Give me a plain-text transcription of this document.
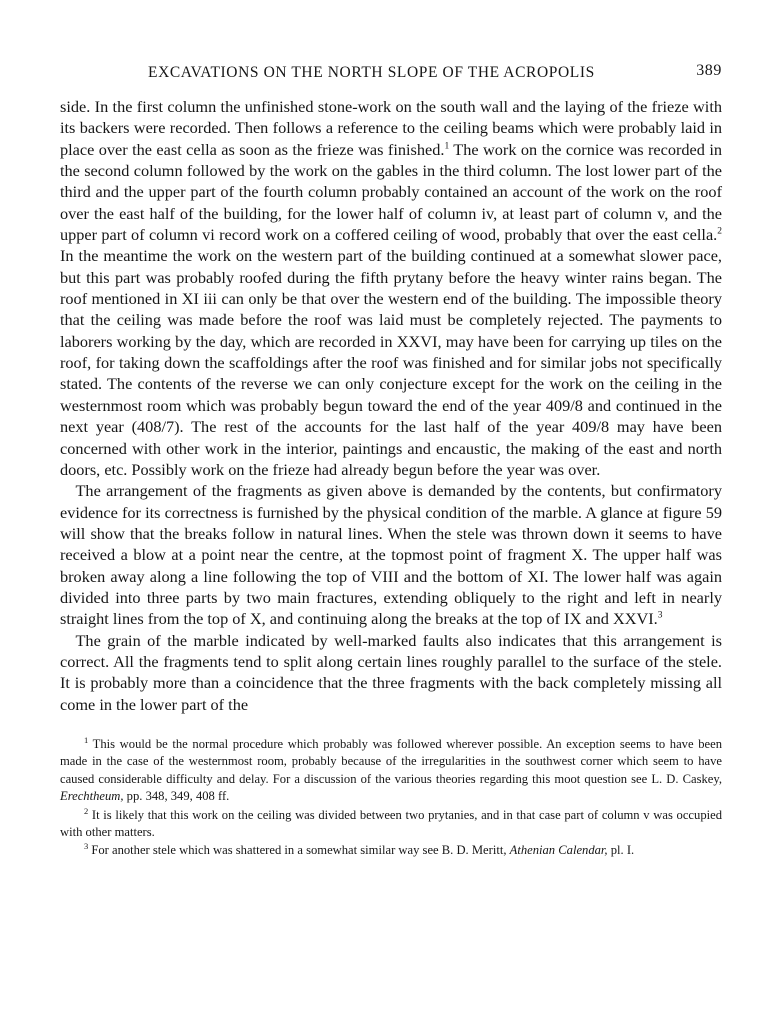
EXCAVATIONS ON THE NORTH SLOPE OF THE ACROPOLIS	389

side. In the first column the unfinished stone-work on the south wall and the laying of the frieze with its backers were recorded. Then follows a reference to the ceiling beams which were probably laid in place over the east cella as soon as the frieze was finished.$^1$ The work on the cornice was recorded in the second column followed by the work on the gables in the third column. The lost lower part of the third and the upper part of the fourth column probably contained an account of the work on the roof over the east half of the building, for the lower half of column iv, at least part of column v, and the upper part of column vi record work on a coffered ceiling of wood, probably that over the east cella.$^2$ In the meantime the work on the western part of the building continued at a somewhat slower pace, but this part was probably roofed during the fifth prytany before the heavy winter rains began. The roof mentioned in XI iii can only be that over the western end of the building. The impossible theory that the ceiling was made before the roof was laid must be completely rejected. The payments to laborers working by the day, which are recorded in XXVI, may have been for carrying up tiles on the roof, for taking down the scaffoldings after the roof was finished and for similar jobs not specifically stated. The contents of the reverse we can only conjecture except for the work on the ceiling in the westernmost room which was probably begun toward the end of the year 409/8 and continued in the next year (408/7). The rest of the accounts for the last half of the year 409/8 may have been concerned with other work in the interior, paintings and encaustic, the making of the east and north doors, etc. Possibly work on the frieze had already begun before the year was over.

The arrangement of the fragments as given above is demanded by the contents, but confirmatory evidence for its correctness is furnished by the physical condition of the marble. A glance at figure 59 will show that the breaks follow in natural lines. When the stele was thrown down it seems to have received a blow at a point near the centre, at the topmost point of fragment X. The upper half was broken away along a line following the top of VIII and the bottom of XI. The lower half was again divided into three parts by two main fractures, extending obliquely to the right and left in nearly straight lines from the top of X, and continuing along the breaks at the top of IX and XXVI.$^3$

The grain of the marble indicated by well-marked faults also indicates that this arrangement is correct. All the fragments tend to split along certain lines roughly parallel to the surface of the stele. It is probably more than a coincidence that the three fragments with the back completely missing all come in the lower part of the

$^1$ This would be the normal procedure which probably was followed wherever possible. An exception seems to have been made in the case of the westernmost room, probably because of the irregularities in the southwest corner which seem to have caused considerable difficulty and delay. For a discussion of the various theories regarding this moot question see L. D. Caskey, Erechtheum, pp. 348, 349, 408 ff.

$^2$ It is likely that this work on the ceiling was divided between two prytanies, and in that case part of column v was occupied with other matters.

$^3$ For another stele which was shattered in a somewhat similar way see B. D. Meritt, Athenian Calendar, pl. I.
